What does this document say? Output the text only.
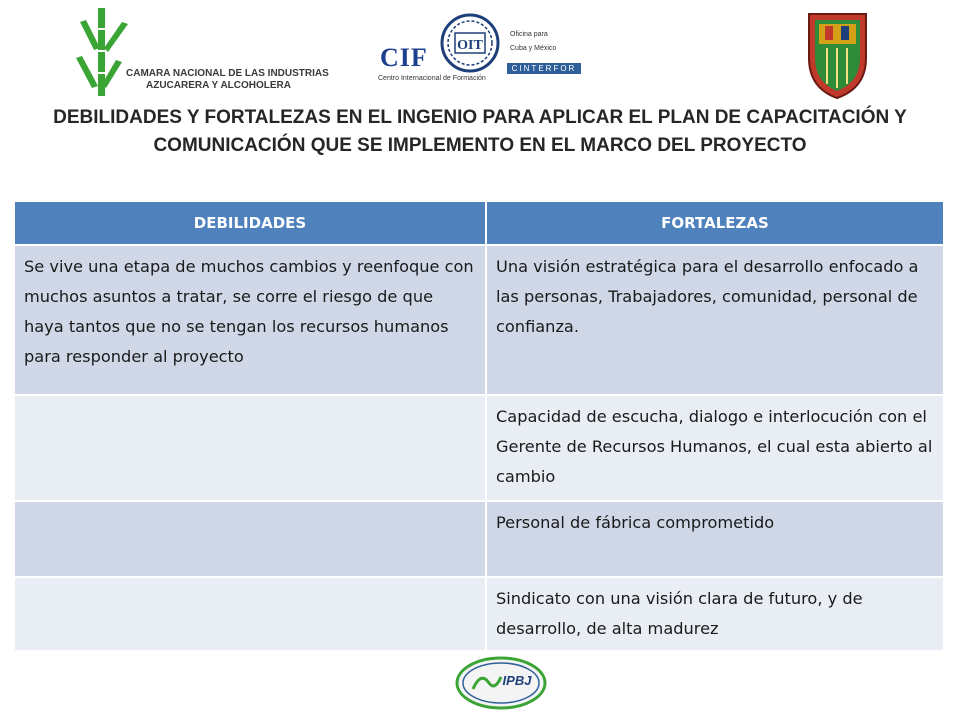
CAMARA NACIONAL DE LAS INDUSTRIAS
AZUCARERA Y ALCOHOLERA
CIF
Centro Internacional de Formación
OIT
Oficina para
Cuba y México
CINTERFOR
DEBILIDADES Y FORTALEZAS EN EL INGENIO PARA APLICAR EL PLAN DE CAPACITACIÓN Y COMUNICACIÓN QUE SE IMPLEMENTO EN EL MARCO DEL PROYECTO
DEBILIDADES	FORTALEZAS
Se vive una etapa de muchos cambios y reenfoque con muchos asuntos a tratar, se corre el riesgo de que haya tantos que no se tengan los recursos humanos para responder al proyecto	Una visión estratégica para el desarrollo enfocado a las personas, Trabajadores, comunidad, personal de confianza.
	Capacidad de escucha, dialogo e interlocución con el Gerente de Recursos Humanos, el cual esta abierto al cambio
	Personal de fábrica comprometido
	Sindicato con una visión clara de futuro, y de desarrollo, de alta madurez
IPBJ
